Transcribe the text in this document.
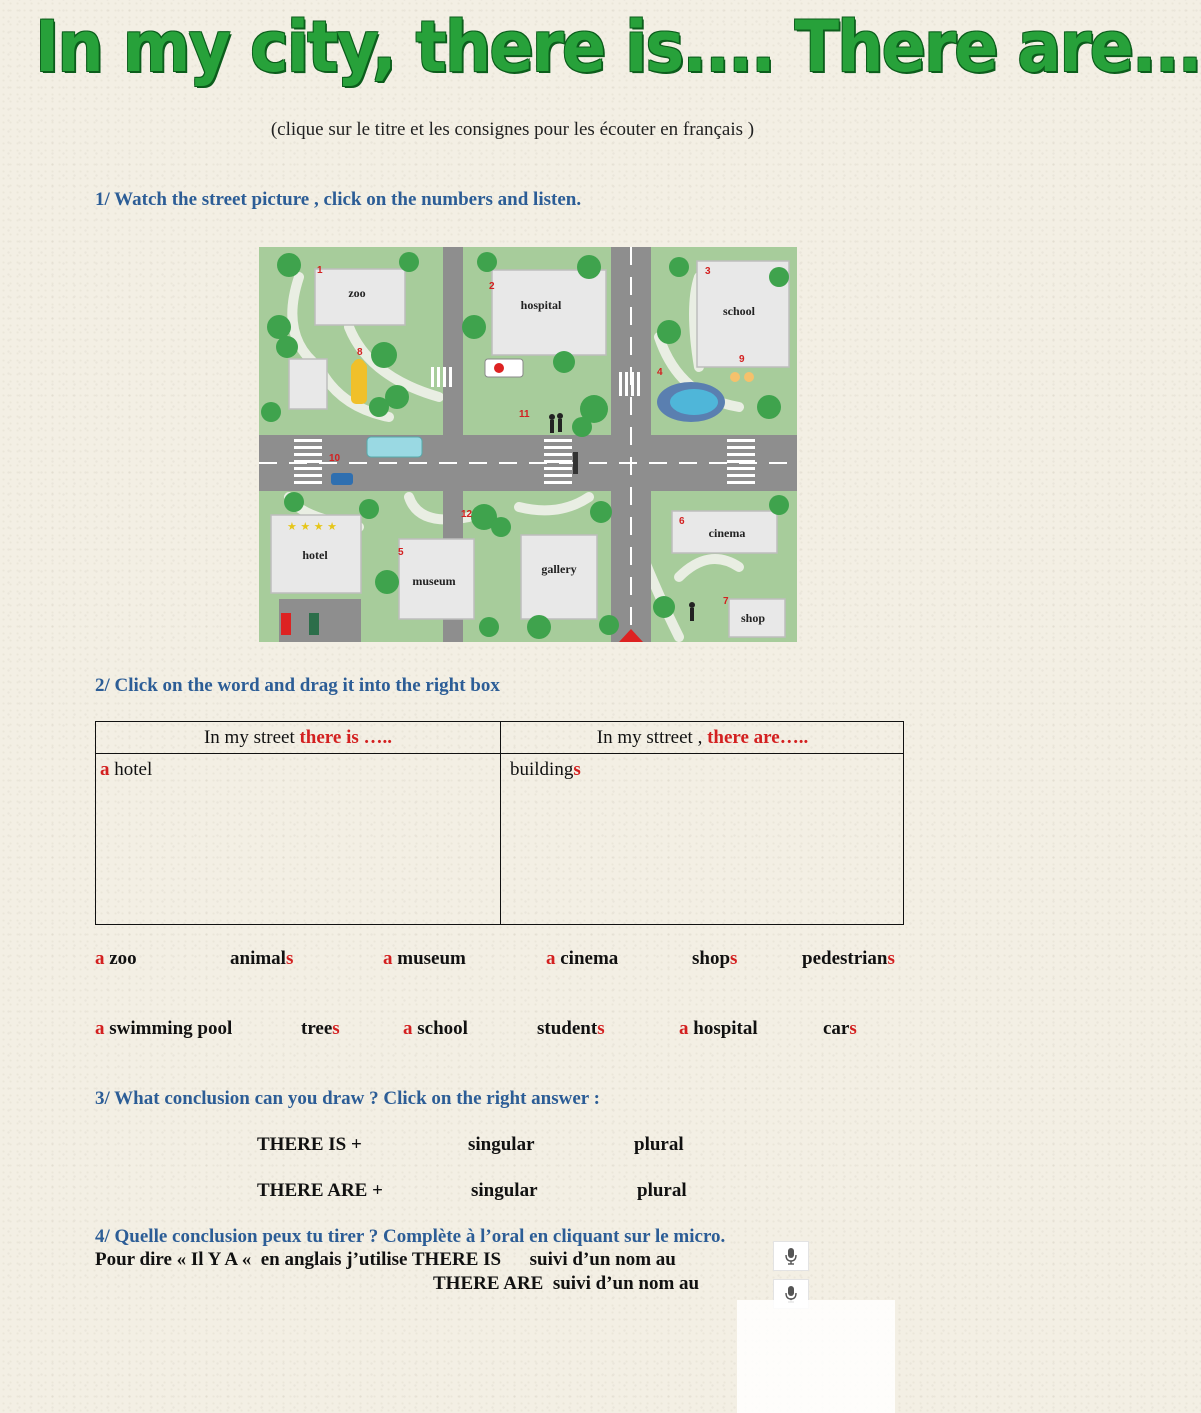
In my city, there is.... There are...
(clique sur le titre et les consignes pour les écouter en français )
1/ Watch the street picture , click on the numbers and listen.
zoo
hospital	school
hotel
museum
gallery
cinema
shop
★ ★ ★ ★
1
2
3
4
5
6
7
8
9
10
11
12
2/ Click on the word and drag it into the right box
In my street there is …..
a hotel
In my sttreet , there are…..
buildings
a zoo	animals	a museum	a cinema	shops	pedestrians
a swimming pool	trees	a school	students	a hospital	cars
3/ What conclusion can you draw ? Click on the right answer :
THERE IS +	singular	plural
THERE ARE +	singular	plural
4/ Quelle conclusion peux tu tirer ? Complète à l’oral en cliquant sur le micro.
Pour dire « Il Y A «  en anglais j’utilise THERE IS      suivi d’un nom au
THERE ARE  suivi d’un nom au
